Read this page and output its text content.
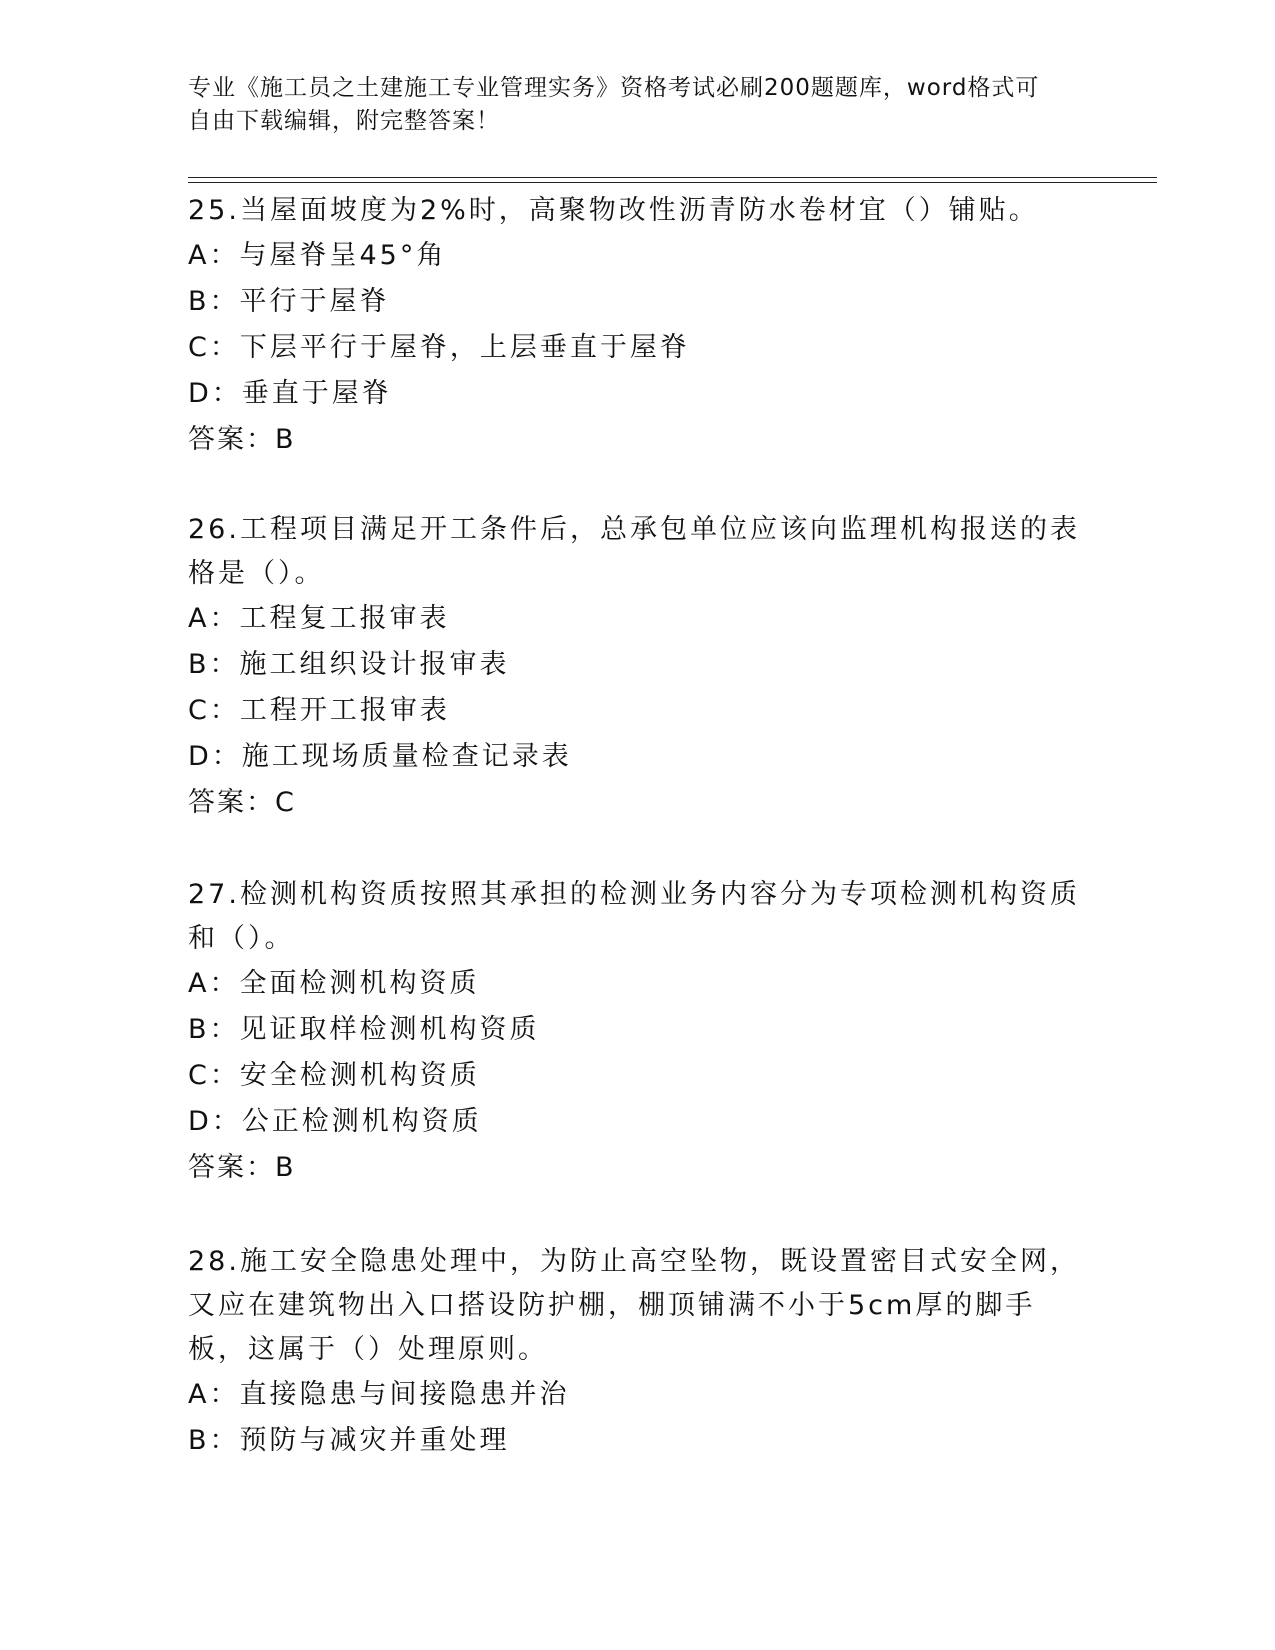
专业《施工员之土建施工专业管理实务》资格考试必刷200题题库，word格式可
自由下载编辑，附完整答案！

25.当屋面坡度为2%时，高聚物改性沥青防水卷材宜（）铺贴。

A：与屋脊呈45°角

B：平行于屋脊

C：下层平行于屋脊，上层垂直于屋脊

D：垂直于屋脊

答案：B

26.工程项目满足开工条件后，总承包单位应该向监理机构报送的表格是（）。

A：工程复工报审表

B：施工组织设计报审表

C：工程开工报审表

D：施工现场质量检查记录表

答案：C

27.检测机构资质按照其承担的检测业务内容分为专项检测机构资质和（）。

A：全面检测机构资质

B：见证取样检测机构资质

C：安全检测机构资质

D：公正检测机构资质

答案：B

28.施工安全隐患处理中，为防止高空坠物，既设置密目式安全网，又应在建筑物出入口搭设防护棚，棚顶铺满不小于5cm厚的脚手板，这属于（）处理原则。

A：直接隐患与间接隐患并治

B：预防与减灾并重处理
